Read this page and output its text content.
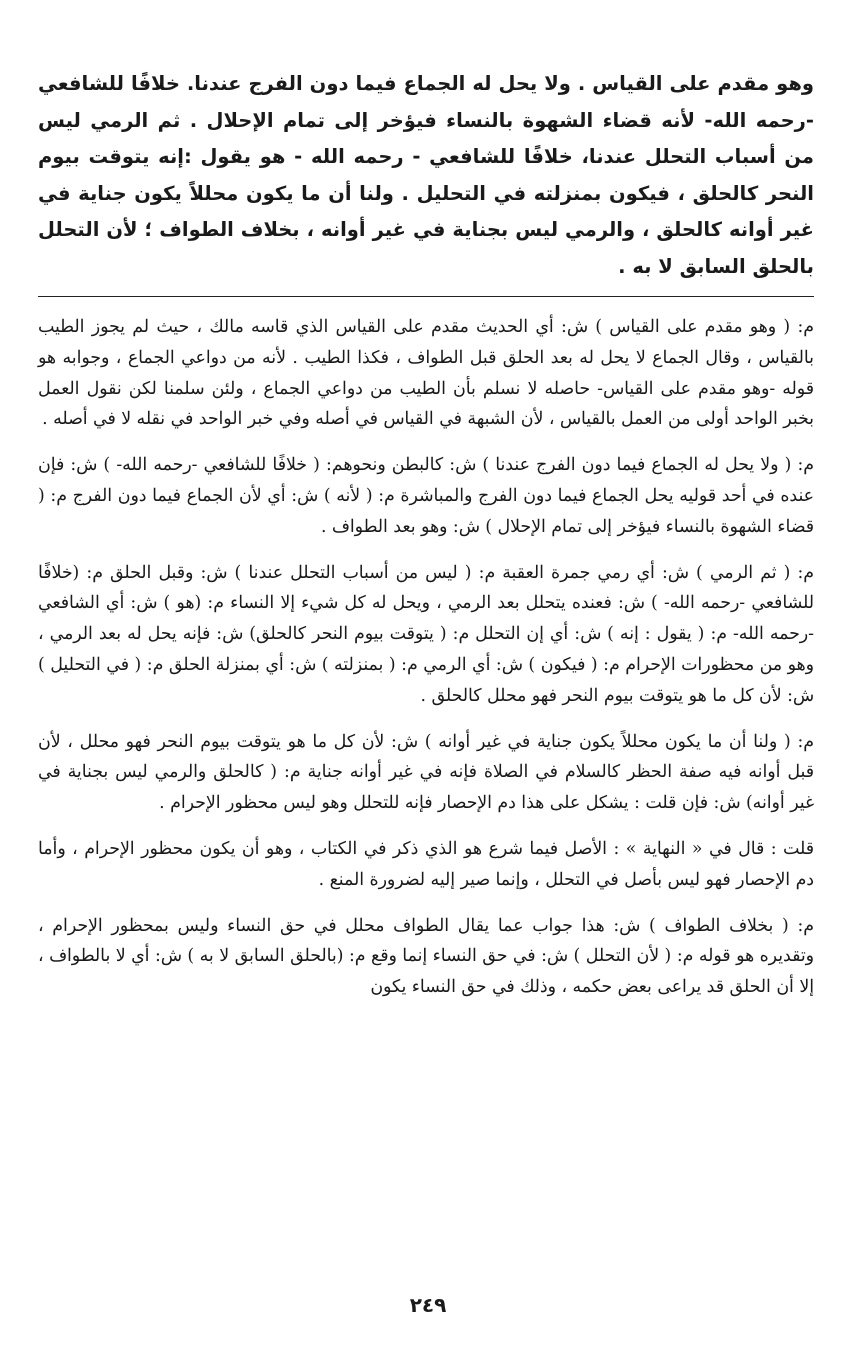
وهو مقدم على القياس . ولا يحل له الجماع فيما دون الفرج عندنا. خلافًا للشافعي -رحمه الله- لأنه قضاء الشهوة بالنساء فيؤخر إلى تمام الإحلال . ثم الرمي ليس من أسباب التحلل عندنا، خلافًا للشافعي - رحمه الله - هو يقول :إنه يتوقت بيوم النحر كالحلق ، فيكون بمنزلته في التحليل . ولنا أن ما يكون محللاً يكون جناية في غير أوانه كالحلق ، والرمي ليس بجناية في غير أوانه ، بخلاف الطواف ؛ لأن التحلل بالحلق السابق لا به .

م: ( وهو مقدم على القياس ) ش: أي الحديث مقدم على القياس الذي قاسه مالك ، حيث لم يجوز الطيب بالقياس ، وقال الجماع لا يحل له بعد الحلق قبل الطواف ، فكذا الطيب . لأنه من دواعي الجماع ، وجوابه هو قوله -وهو مقدم على القياس- حاصله لا نسلم بأن الطيب من دواعي الجماع ، ولئن سلمنا لكن نقول العمل بخبر الواحد أولى من العمل بالقياس ، لأن الشبهة في القياس في أصله وفي خبر الواحد في نقله لا في أصله .

م: ( ولا يحل له الجماع فيما دون الفرج عندنا ) ش: كالبطن ونحوهم: ( خلافًا للشافعي -رحمه الله- ) ش: فإن عنده في أحد قوليه يحل الجماع فيما دون الفرج والمباشرة م: ( لأنه ) ش: أي لأن الجماع فيما دون الفرج م: ( قضاء الشهوة بالنساء فيؤخر إلى تمام الإحلال ) ش: وهو بعد الطواف .

م: ( ثم الرمي ) ش: أي رمي جمرة العقبة م: ( ليس من أسباب التحلل عندنا ) ش: وقبل الحلق م: (خلافًا للشافعي -رحمه الله- ) ش: فعنده يتحلل بعد الرمي ، ويحل له كل شيء إلا النساء م: (هو ) ش: أي الشافعي -رحمه الله- م: ( يقول : إنه ) ش: أي إن التحلل م: ( يتوقت بيوم النحر كالحلق) ش: فإنه يحل له بعد الرمي ، وهو من محظورات الإحرام م: ( فيكون ) ش: أي الرمي م: ( بمنزلته ) ش: أي بمنزلة الحلق م: ( في التحليل ) ش: لأن كل ما هو يتوقت بيوم النحر فهو محلل كالحلق .

م: ( ولنا أن ما يكون محللاً يكون جناية في غير أوانه ) ش: لأن كل ما هو يتوقت بيوم النحر فهو محلل ، لأن قبل أوانه فيه صفة الحظر كالسلام في الصلاة فإنه في غير أوانه جناية م: ( كالحلق والرمي ليس بجناية في غير أوانه) ش: فإن قلت : يشكل على هذا دم الإحصار فإنه للتحلل وهو ليس محظور الإحرام .

قلت : قال في « النهاية » : الأصل فيما شرع هو الذي ذكر في الكتاب ، وهو أن يكون محظور الإحرام ، وأما دم الإحصار فهو ليس بأصل في التحلل ، وإنما صير إليه لضرورة المنع .

م: ( بخلاف الطواف ) ش: هذا جواب عما يقال الطواف محلل في حق النساء وليس بمحظور الإحرام ، وتقديره هو قوله م: ( لأن التحلل ) ش: في حق النساء إنما وقع م: (بالحلق السابق لا به ) ش: أي لا بالطواف ، إلا أن الحلق قد يراعى بعض حكمه ، وذلك في حق النساء يكون

٢٤٩
